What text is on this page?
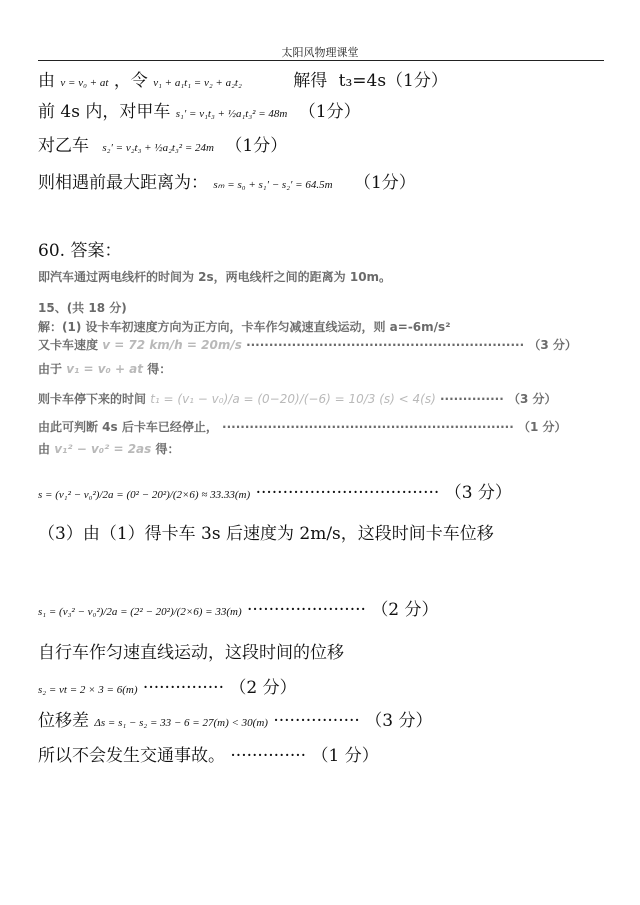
太阳风物理课堂
由 v = v₀ + at ，令 v₁ + a₁t₁ = v₂ + a₂t₂	解得 t₃=4s（1分）
前 4s 内，对甲车 s₁′ = v₁t₃ + ½a₁t₃² = 48m （1分）
对乙车 s₂′ = v₂t₃ + ½a₂t₃² = 24m （1分）
则相遇前最大距离为： sₘ = s₀ + s₁′ − s₂′ = 64.5m （1分）
60. 答案：
即汽车通过两电线杆的时间为 2s，两电线杆之间的距离为 10m。
15、(共 18 分)
解：(1) 设卡车初速度方向为正方向，卡车作匀减速直线运动，则 a=-6m/s²
又卡车速度 v = 72 km/h = 20m/s ····························································· （3 分）
由于 v₁ = v₀ + at 得：
则卡车停下来的时间 t₁ = (v₁ − v₀)/a = (0−20)/(−6) = 10/3 (s) < 4(s) ·············· （3 分）
由此可判断 4s 后卡车已经停止， ································································ （1 分）
由 v₁² − v₀² = 2as 得：
s = (v₁² − v₀²)/2a = (0² − 20²)/(2×6) ≈ 33.33(m) ·································· （3 分）
（3）由（1）得卡车 3s 后速度为 2m/s，这段时间卡车位移
s₁ = (v₃² − v₀²)/2a = (2² − 20²)/(2×6) = 33(m) ······················ （2 分）
自行车作匀速直线运动，这段时间的位移
s₂ = vt = 2 × 3 = 6(m) ··············· （2 分）
位移差 Δs = s₁ − s₂ = 33 − 6 = 27(m) < 30(m) ················ （3 分）
所以不会发生交通事故。 ·············· （1 分）
